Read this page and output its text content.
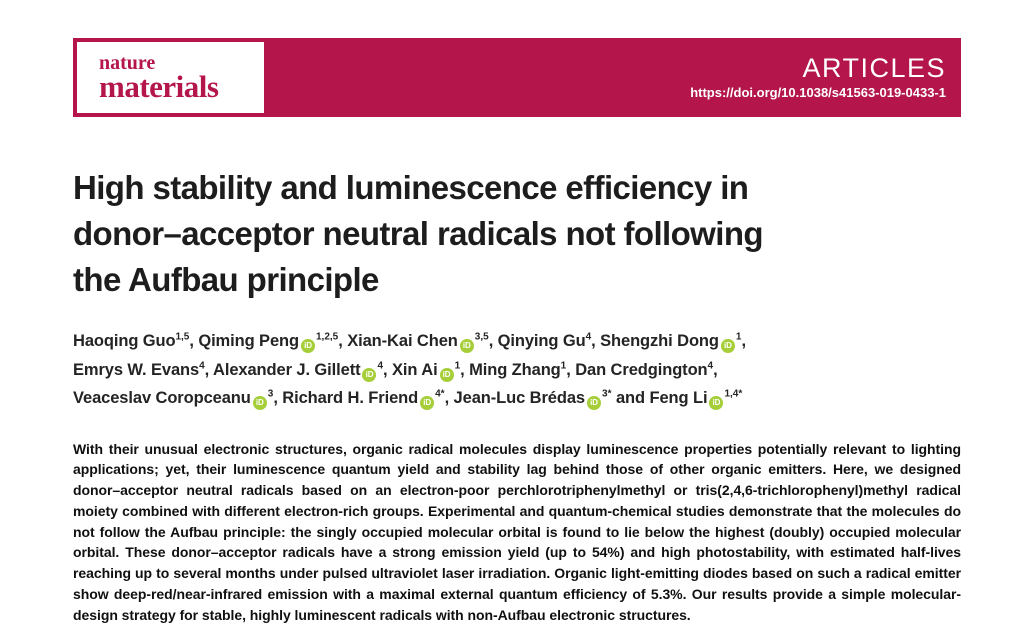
nature
materials
ARTICLES
https://doi.org/10.1038/s41563-019-0433-1
High stability and luminescence efficiency in
donor–acceptor neutral radicals not following
the Aufbau principle

Haoqing Guo$^{1,5}$, Qiming Peng iD$^{1,2,5}$, Xian-Kai Chen iD$^{3,5}$, Qinying Gu$^4$, Shengzhi Dong $iD^1$,

Emrys W. Evans$^4$, Alexander J. Gillett $iD^4$, Xin Ai $iD^1$, Ming Zhang$^1$, Dan Credgington$^4$,

Veaceslav Coropceanu $iD^3$, Richard H. Friend $iD^{4*}$, Jean-Luc Brédas $iD^{3*}$ and Feng Li $iD^{1,4*}$

With their unusual electronic structures, organic radical molecules display luminescence properties potentially relevant to lighting applications; yet, their luminescence quantum yield and stability lag behind those of other organic emitters. Here, we designed donor–acceptor neutral radicals based on an electron-poor perchlorotriphenylmethyl or tris(2,4,6-trichlorophenyl)methyl radical moiety combined with different electron-rich groups. Experimental and quantum-chemical studies demonstrate that the molecules do not follow the Aufbau principle: the singly occupied molecular orbital is found to lie below the highest (doubly) occupied molecular orbital. These donor–acceptor radicals have a strong emission yield (up to 54%) and high photostability, with estimated half-lives reaching up to several months under pulsed ultraviolet laser irradiation. Organic light-emitting diodes based on such a radical emitter show deep-red/near-infrared emission with a maximal external quantum efficiency of 5.3%. Our results provide a simple molecular-design strategy for stable, highly luminescent radicals with non-Aufbau electronic structures.
